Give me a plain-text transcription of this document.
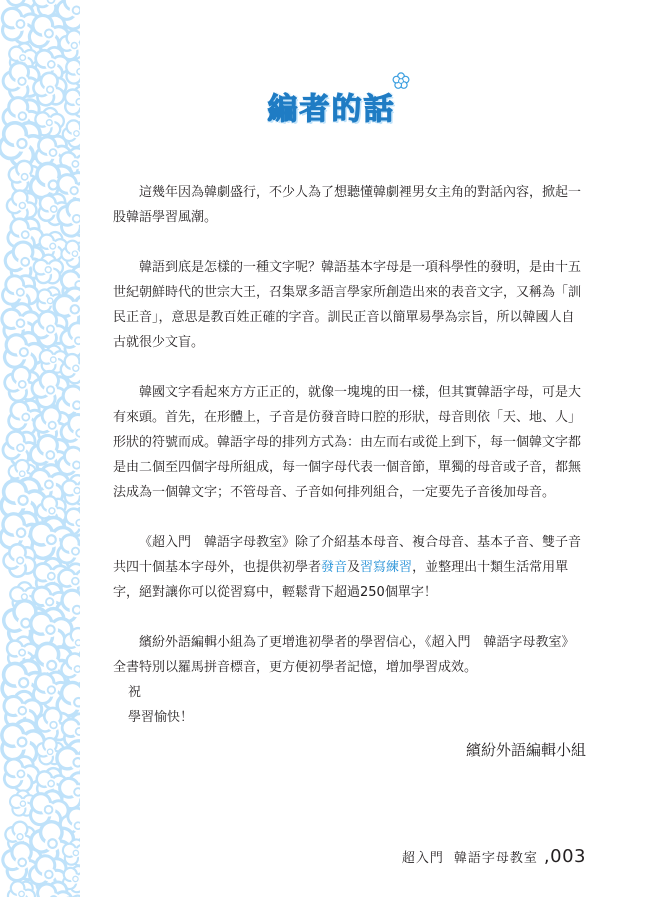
編者的話

這幾年因為韓劇盛行，不少人為了想聽懂韓劇裡男女主角的對話內容，掀起一股韓語學習風潮。

韓語到底是怎樣的一種文字呢？韓語基本字母是一項科學性的發明，是由十五世紀朝鮮時代的世宗大王，召集眾多語言學家所創造出來的表音文字，又稱為「訓民正音」，意思是教百姓正確的字音。訓民正音以簡單易學為宗旨，所以韓國人自古就很少文盲。

韓國文字看起來方方正正的，就像一塊塊的田一樣，但其實韓語字母，可是大有來頭。首先，在形體上，子音是仿發音時口腔的形狀，母音則依「天、地、人」形狀的符號而成。韓語字母的排列方式為：由左而右或從上到下，每一個韓文字都是由二個至四個字母所組成，每一個字母代表一個音節，單獨的母音或子音，都無法成為一個韓文字；不管母音、子音如何排列組合，一定要先子音後加母音。

《超入門　韓語字母教室》除了介紹基本母音、複合母音、基本子音、雙子音共四十個基本字母外，也提供初學者發音及習寫練習，並整理出十類生活常用單字，絕對讓你可以從習寫中，輕鬆背下超過250個單字！

繽紛外語編輯小組為了更增進初學者的學習信心，《超入門　韓語字母教室》全書特別以羅馬拼音標音，更方便初學者記憶，增加學習成效。

祝

學習愉快！

繽紛外語編輯小組
超入門 韓語字母教室 ,003
